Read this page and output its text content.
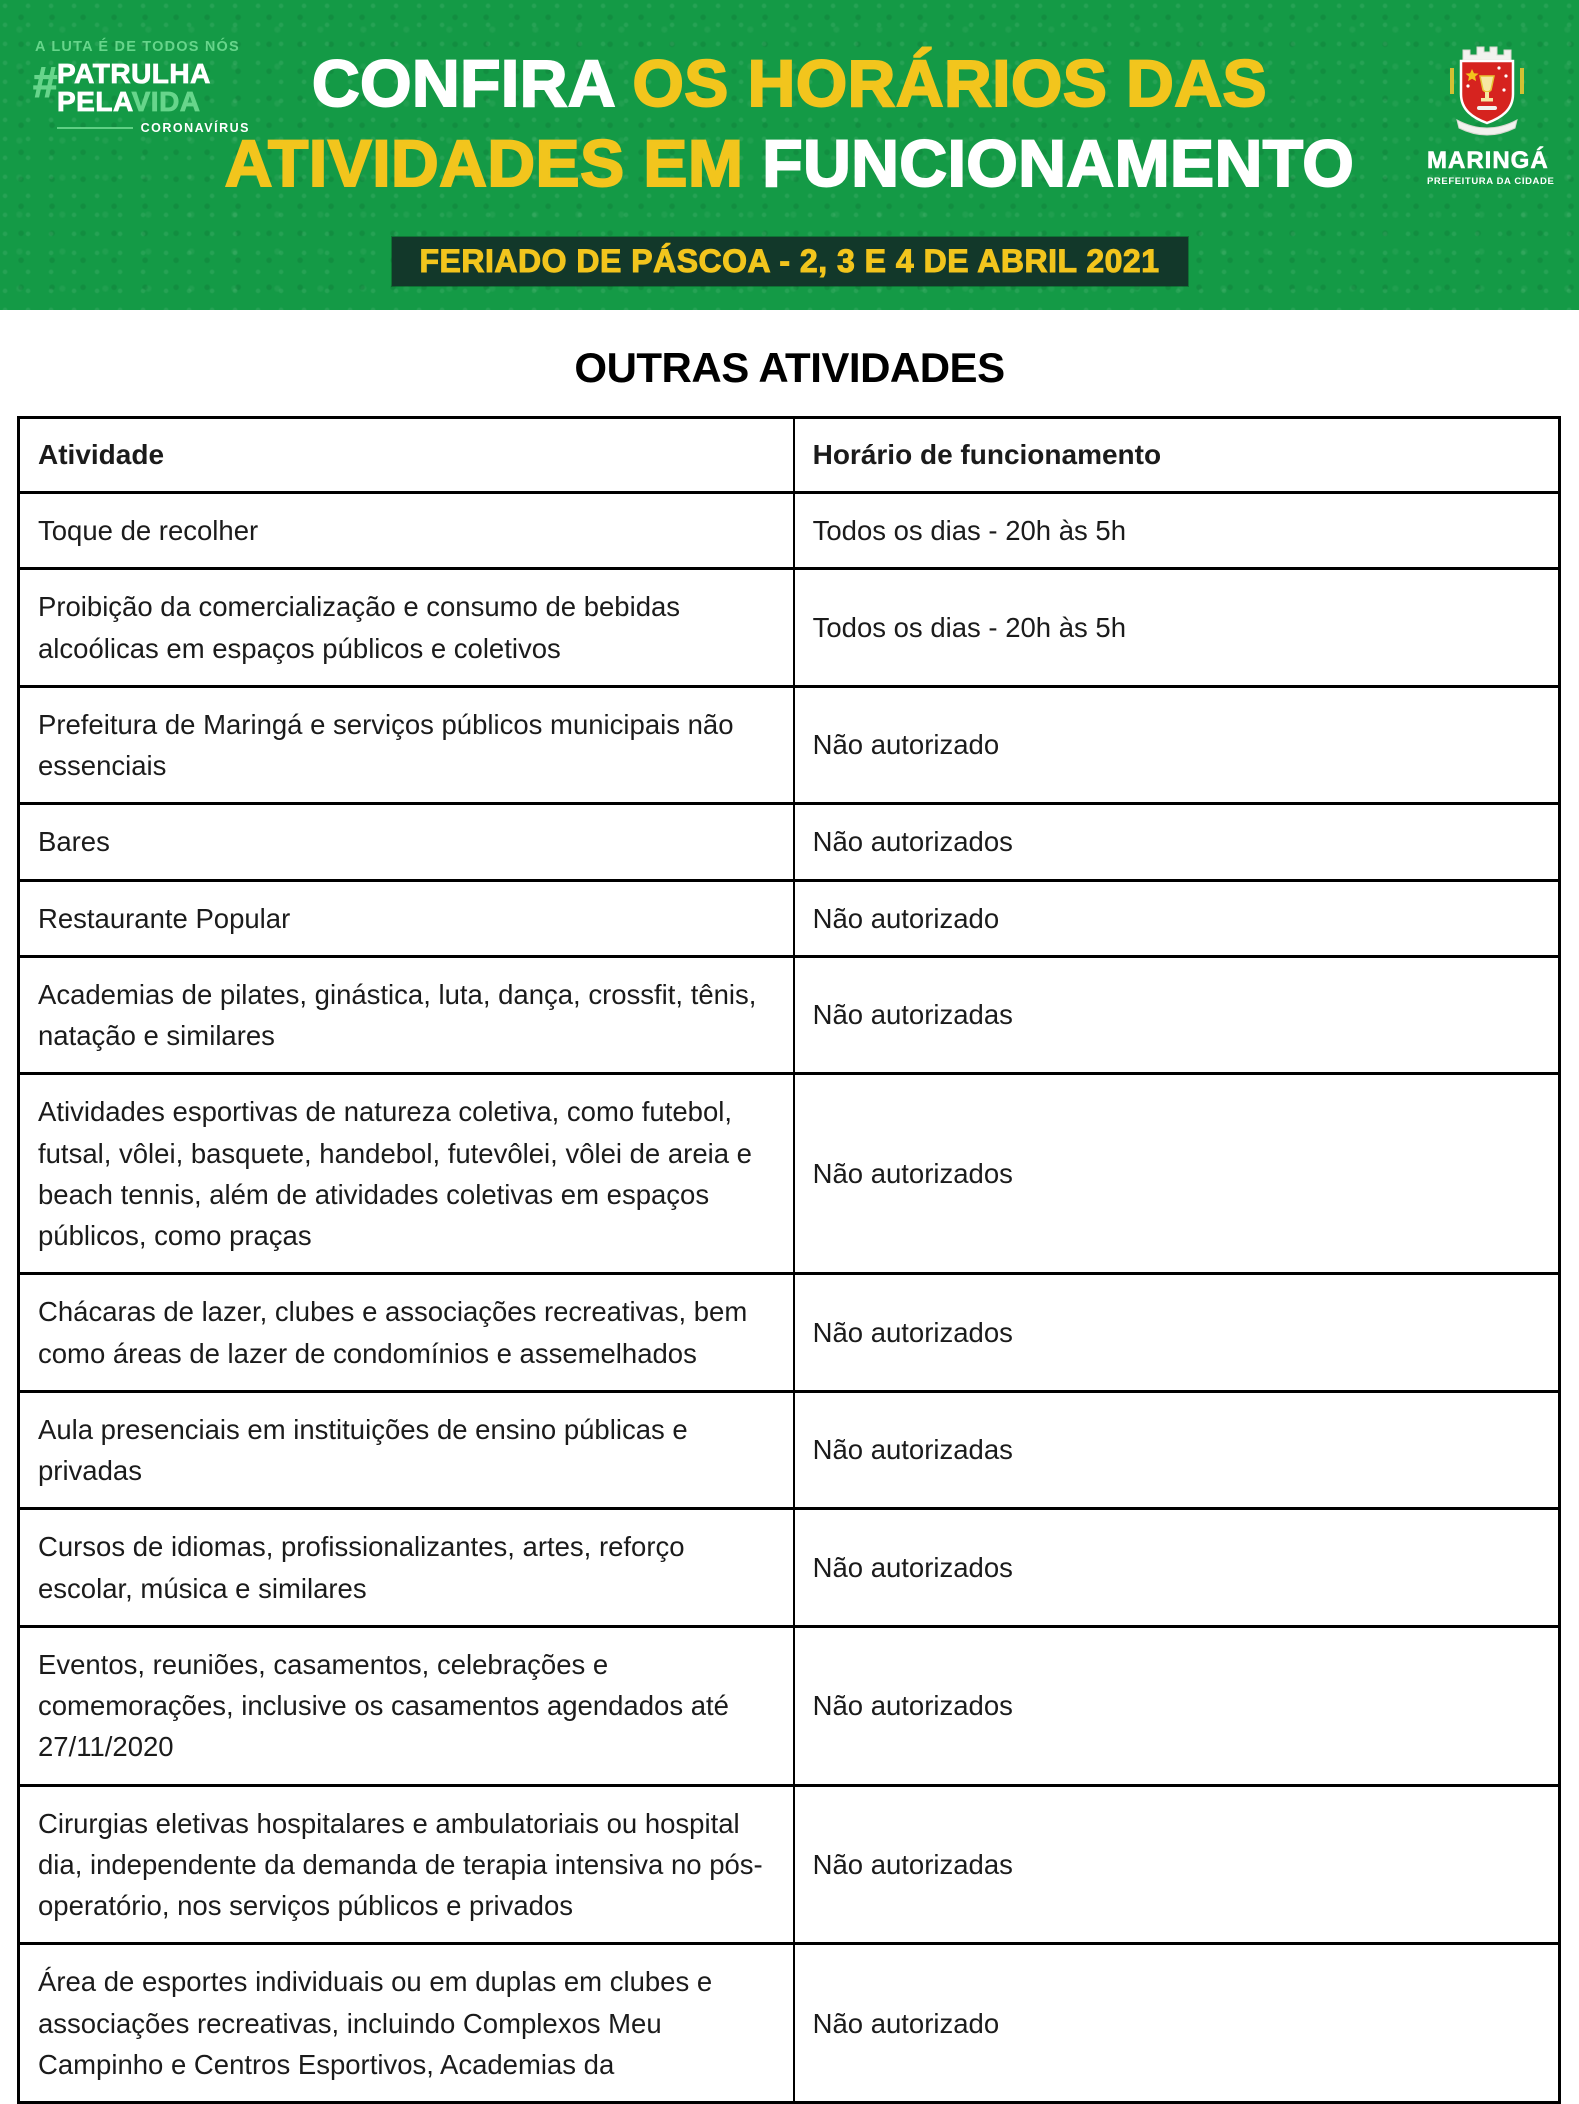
A LUTA É DE TODOS NÓS
# PATRULHA
PELAVIDA
CORONAVÍRUS
CONFIRA OS HORÁRIOS DAS
ATIVIDADES EM FUNCIONAMENTO
FERIADO DE PÁSCOA - 2, 3 E 4 DE ABRIL 2021
MARINGÁ
PREFEITURA DA CIDADE
OUTRAS ATIVIDADES
Atividade	Horário de funcionamento
Toque de recolher	Todos os dias - 20h às 5h
Proibição da comercialização e consumo de bebidas alcoólicas em espaços públicos e coletivos	Todos os dias - 20h às 5h
Prefeitura de Maringá e serviços públicos municipais não essenciais	Não autorizado
Bares	Não autorizados
Restaurante Popular	Não autorizado
Academias de pilates, ginástica, luta, dança, crossfit, tênis, natação e similares	Não autorizadas
Atividades esportivas de natureza coletiva, como futebol, futsal, vôlei, basquete, handebol, futevôlei, vôlei de areia e beach tennis, além de atividades coletivas em espaços públicos, como praças	Não autorizados
Chácaras de lazer, clubes e associações recreativas, bem como áreas de lazer de condomínios e assemelhados	Não autorizados
Aula presenciais em instituições de ensino públicas e privadas	Não autorizadas
Cursos de idiomas, profissionalizantes, artes, reforço escolar, música e similares	Não autorizados
Eventos, reuniões, casamentos, celebrações e comemorações, inclusive os casamentos agendados até 27/11/2020	Não autorizados
Cirurgias eletivas hospitalares e ambulatoriais ou hospital dia, independente da demanda de terapia intensiva no pós-operatório, nos serviços públicos e privados	Não autorizadas
Área de esportes individuais ou em duplas em clubes e associações recreativas, incluindo Complexos Meu Campinho e Centros Esportivos, Academias da	Não autorizado
